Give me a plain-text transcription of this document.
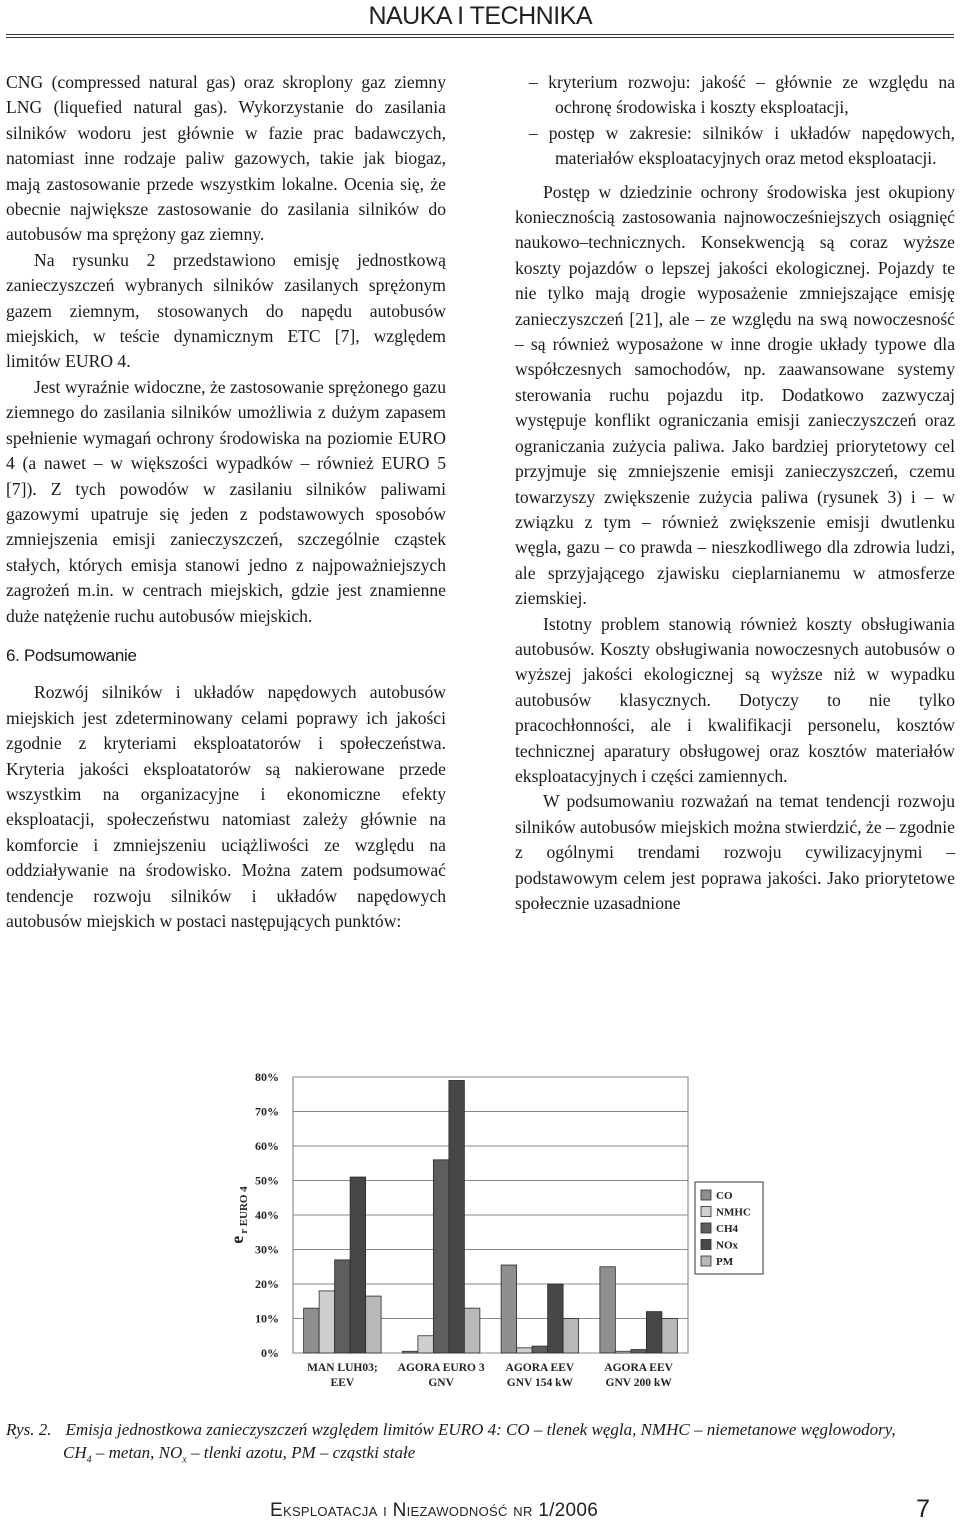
NAUKA I TECHNIKA

CNG (compressed natural gas) oraz skroplony gaz ziemny LNG (liquefied natural gas). Wykorzystanie do zasilania silników wodoru jest głównie w fazie prac badawczych, natomiast inne rodzaje paliw gazowych, takie jak biogaz, mają zastosowanie przede wszystkim lokalne. Ocenia się, że obecnie największe zastosowanie do zasilania silników do autobusów ma sprężony gaz ziemny.

Na rysunku 2 przedstawiono emisję jednostkową zanieczyszczeń wybranych silników zasilanych sprężonym gazem ziemnym, stosowanych do napędu autobusów miejskich, w teście dynamicznym ETC [7], względem limitów EURO 4.

Jest wyraźnie widoczne, że zastosowanie sprężonego gazu ziemnego do zasilania silników umożliwia z dużym zapasem spełnienie wymagań ochrony środowiska na poziomie EURO 4 (a nawet – w większości wypadków – również EURO 5 [7]). Z tych powodów w zasilaniu silników paliwami gazowymi upatruje się jeden z podstawowych sposobów zmniejszenia emisji zanieczyszczeń, szczególnie cząstek stałych, których emisja stanowi jedno z najpoważniejszych zagrożeń m.in. w centrach miejskich, gdzie jest znamienne duże natężenie ruchu autobusów miejskich.

6. Podsumowanie

Rozwój silników i układów napędowych autobusów miejskich jest zdeterminowany celami poprawy ich jakości zgodnie z kryteriami eksploatatorów i społeczeństwa. Kryteria jakości eksploatatorów są nakierowane przede wszystkim na organizacyjne i ekonomiczne efekty eksploatacji, społeczeństwu natomiast zależy głównie na komforcie i zmniejszeniu uciążliwości ze względu na oddziaływanie na środowisko. Można zatem podsumować tendencje rozwoju silników i układów napędowych autobusów miejskich w postaci następujących punktów:

– kryterium rozwoju: jakość – głównie ze względu na ochronę środowiska i koszty eksploatacji,

– postęp w zakresie: silników i układów napędowych, materiałów eksploatacyjnych oraz metod eksploatacji.

Postęp w dziedzinie ochrony środowiska jest okupiony koniecznością zastosowania najnowocześniejszych osiągnięć naukowo–technicznych. Konsekwencją są coraz wyższe koszty pojazdów o lepszej jakości ekologicznej. Pojazdy te nie tylko mają drogie wyposażenie zmniejszające emisję zanieczyszczeń [21], ale – ze względu na swą nowoczesność – są również wyposażone w inne drogie układy typowe dla współczesnych samochodów, np. zaawansowane systemy sterowania ruchu pojazdu itp. Dodatkowo zazwyczaj występuje konflikt ograniczania emisji zanieczyszczeń oraz ograniczania zużycia paliwa. Jako bardziej priorytetowy cel przyjmuje się zmniejszenie emisji zanieczyszczeń, czemu towarzyszy zwiększenie zużycia paliwa (rysunek 3) i – w związku z tym – również zwiększenie emisji dwutlenku węgla, gazu – co prawda – nieszkodliwego dla zdrowia ludzi, ale sprzyjającego zjawisku cieplarnianemu w atmosferze ziemskiej.

Istotny problem stanowią również koszty obsługiwania autobusów. Koszty obsługiwania nowoczesnych autobusów o wyższej jakości ekologicznej są wyższe niż w wypadku autobusów klasycznych. Dotyczy to nie tylko pracochłonności, ale i kwalifikacji personelu, kosztów technicznej aparatury obsługowej oraz kosztów materiałów eksploatacyjnych i części zamiennych.

W podsumowaniu rozważań na temat tendencji rozwoju silników autobusów miejskich można stwierdzić, że – zgodnie z ogólnymi trendami rozwoju cywilizacyjnymi – podstawowym celem jest poprawa jakości. Jako priorytetowe społecznie uzasadnione

0%
10%
20%
30%
40%
50%
60%
70%
80%
MAN LUH03;
EEV
AGORA EURO 3
GNV
AGORA EEV
GNV 154 kW
AGORA EEV
GNV 200 kW
$e_{r EURO 4}$	CO
NMHC
CH4
NOx
PM
Rys. 2. Emisja jednostkowa zanieczyszczeń względem limitów EURO 4: CO – tlenek węgla, NMHC – niemetanowe węglowodory,
$CH_4$ – metan, $NO_x$ – tlenki azotu, PM – cząstki stałe
Eksploatacja i Niezawodność nr 1/2006	7
